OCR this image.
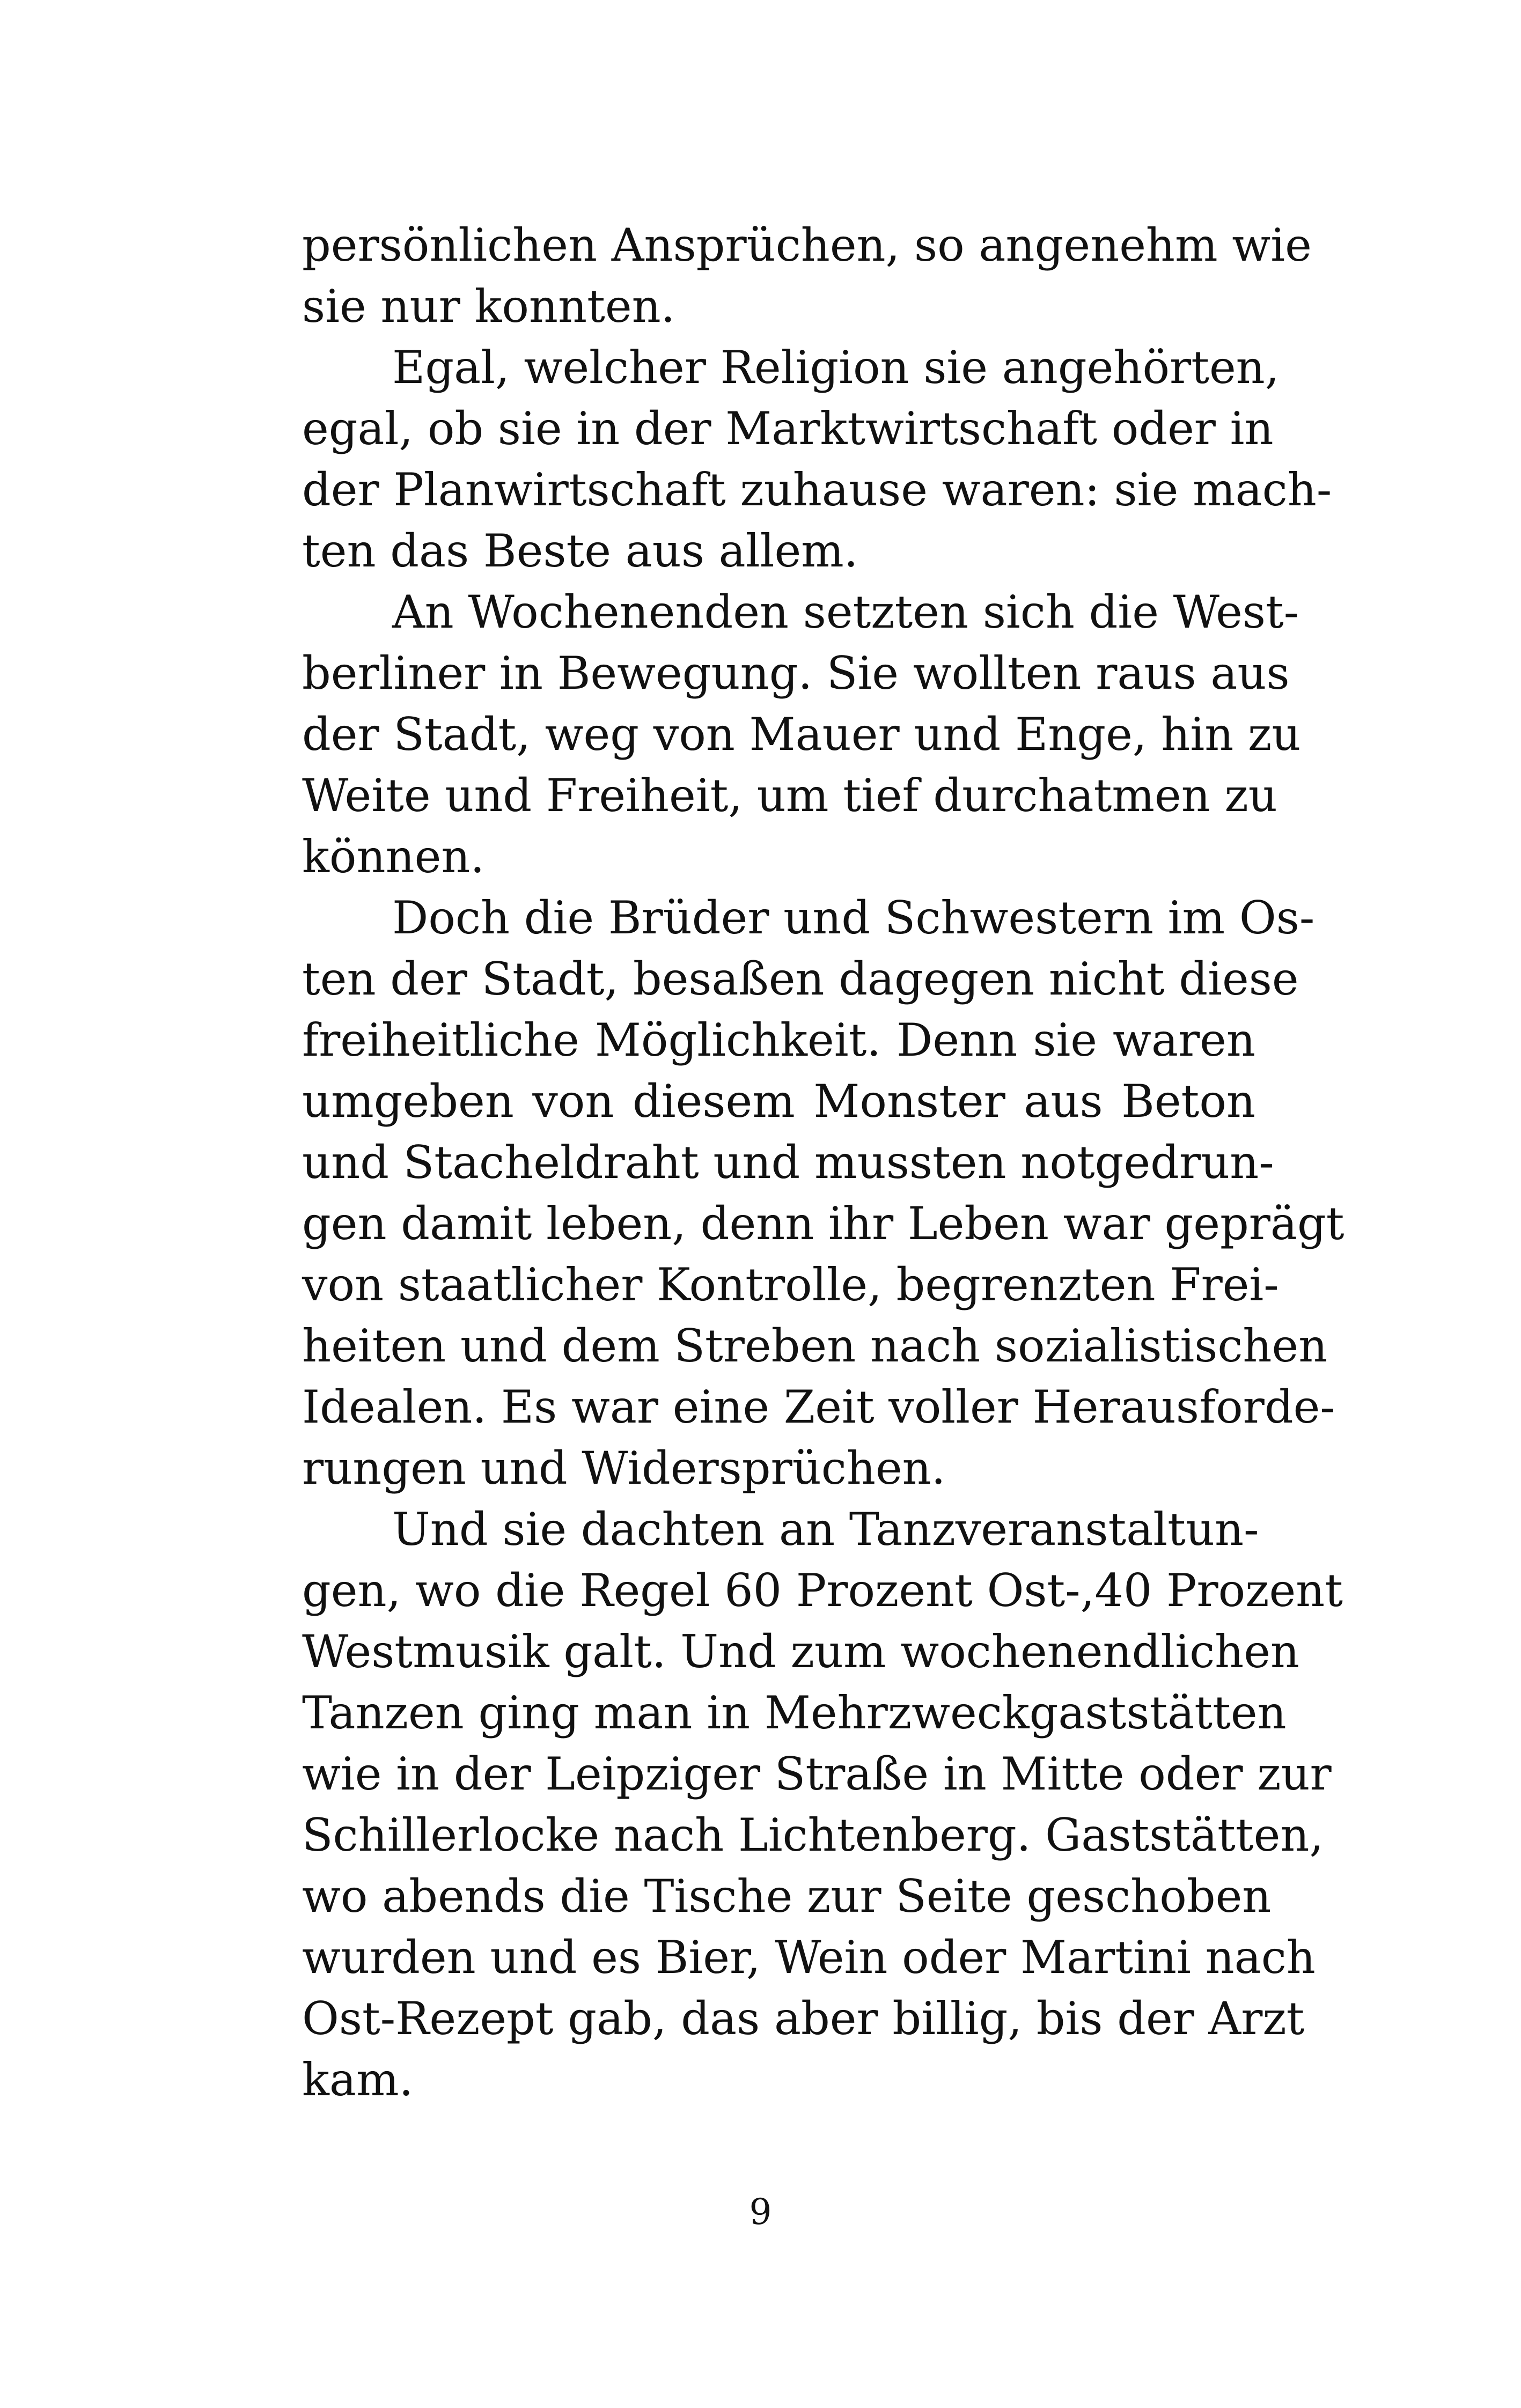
persönlichen Ansprüchen, so angenehm wie
sie nur konnten.
Egal, welcher Religion sie angehörten,
egal, ob sie in der Marktwirtschaft oder in
der Planwirtschaft zuhause waren: sie mach-
ten das Beste aus allem.
An Wochenenden setzten sich die West-
berliner in Bewegung. Sie wollten raus aus
der Stadt, weg von Mauer und Enge, hin zu
Weite und Freiheit, um tief durchatmen zu
können.
Doch die Brüder und Schwestern im Os-
ten der Stadt, besaßen dagegen nicht diese
freiheitliche Möglichkeit. Denn sie waren
umgeben von diesem Monster aus Beton
und Stacheldraht und mussten notgedrun-
gen damit leben, denn ihr Leben war geprägt
von staatlicher Kontrolle, begrenzten Frei-
heiten und dem Streben nach sozialistischen
Idealen. Es war eine Zeit voller Herausforde-
rungen und Widersprüchen.
Und sie dachten an Tanzveranstaltun-
gen, wo die Regel 60 Prozent Ost-,40 Prozent
Westmusik galt. Und zum wochenendlichen
Tanzen ging man in Mehrzweckgaststätten
wie in der Leipziger Straße in Mitte oder zur
Schillerlocke nach Lichtenberg. Gaststätten,
wo abends die Tische zur Seite geschoben
wurden und es Bier, Wein oder Martini nach
Ost-Rezept gab, das aber billig, bis der Arzt
kam.
9
